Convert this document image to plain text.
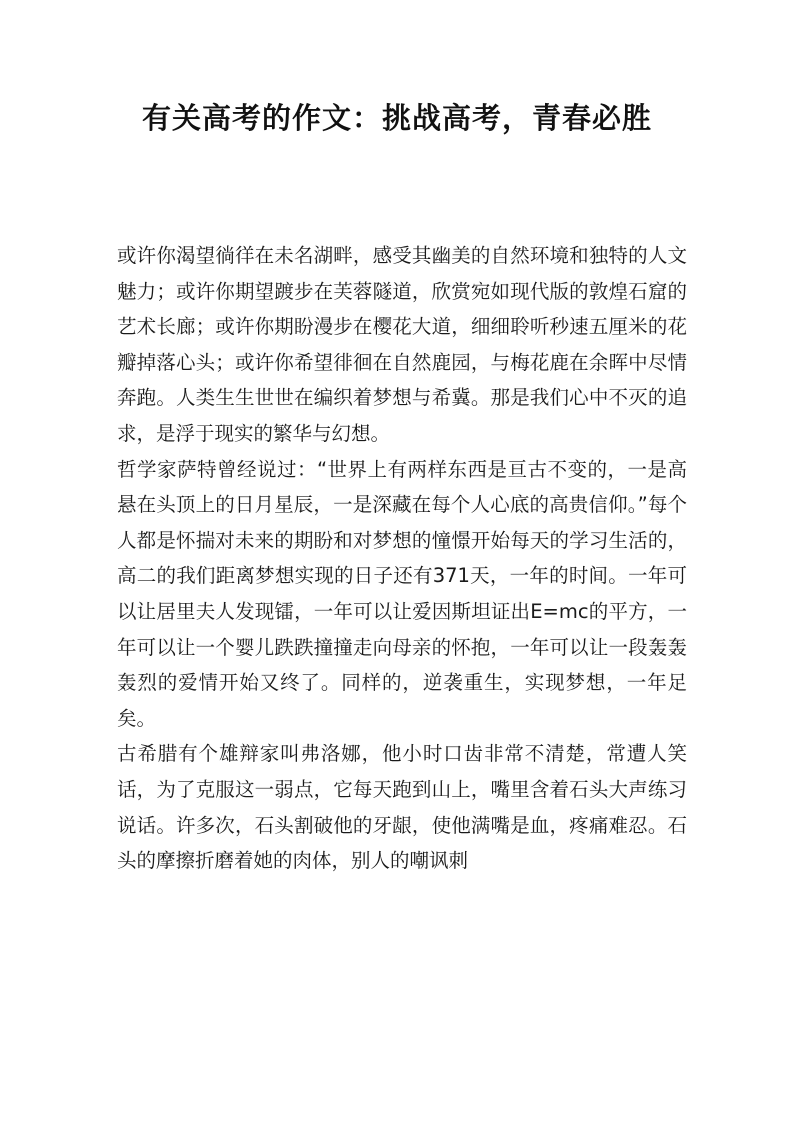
有关高考的作文：挑战高考，青春必胜

或许你渴望徜徉在未名湖畔，感受其幽美的自然环境和独特的人文魅力；或许你期望踱步在芙蓉隧道，欣赏宛如现代版的敦煌石窟的艺术长廊；或许你期盼漫步在樱花大道，细细聆听秒速五厘米的花瓣掉落心头；或许你希望徘徊在自然鹿园，与梅花鹿在余晖中尽情奔跑。人类生生世世在编织着梦想与希冀。那是我们心中不灭的追求，是浮于现实的繁华与幻想。

哲学家萨特曾经说过：“世界上有两样东西是亘古不变的，一是高悬在头顶上的日月星辰，一是深藏在每个人心底的高贵信仰。”每个人都是怀揣对未来的期盼和对梦想的憧憬开始每天的学习生活的，高二的我们距离梦想实现的日子还有371天，一年的时间。一年可以让居里夫人发现镭，一年可以让爱因斯坦证出E=mc的平方，一年可以让一个婴儿跌跌撞撞走向母亲的怀抱，一年可以让一段轰轰轰烈的爱情开始又终了。同样的，逆袭重生，实现梦想，一年足矣。

古希腊有个雄辩家叫弗洛娜，他小时口齿非常不清楚，常遭人笑话，为了克服这一弱点，它每天跑到山上，嘴里含着石头大声练习说话。许多次，石头割破他的牙龈，使他满嘴是血，疼痛难忍。石头的摩擦折磨着她的肉体，别人的嘲讽刺
